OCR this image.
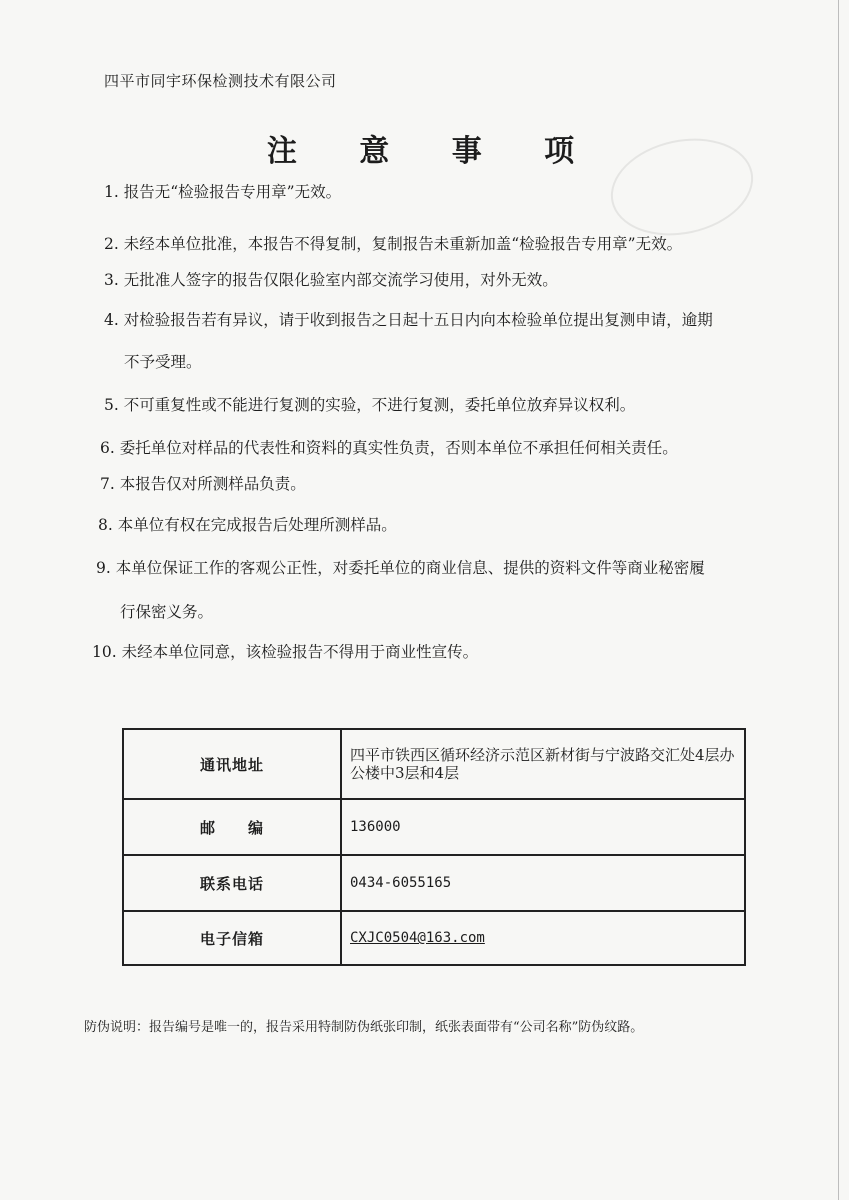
四平市同宇环保检测技术有限公司
注 意 事 项
1. 报告无“检验报告专用章”无效。
2. 未经本单位批准，本报告不得复制，复制报告未重新加盖“检验报告专用章”无效。
3. 无批准人签字的报告仅限化验室内部交流学习使用，对外无效。
4. 对检验报告若有异议，请于收到报告之日起十五日内向本检验单位提出复测申请，逾期
不予受理。
5. 不可重复性或不能进行复测的实验，不进行复测，委托单位放弃异议权利。
6. 委托单位对样品的代表性和资料的真实性负责，否则本单位不承担任何相关责任。
7. 本报告仅对所测样品负责。
8. 本单位有权在完成报告后处理所测样品。
9. 本单位保证工作的客观公正性，对委托单位的商业信息、提供的资料文件等商业秘密履
行保密义务。
10. 未经本单位同意，该检验报告不得用于商业性宣传。
通讯地址	四平市铁西区循环经济示范区新材街与宁波路交汇处4层办公楼中3层和4层
邮　　编	136000
联系电话	0434-6055165
电子信箱	CXJC0504@163.com
防伪说明：报告编号是唯一的，报告采用特制防伪纸张印制，纸张表面带有“公司名称”防伪纹路。
